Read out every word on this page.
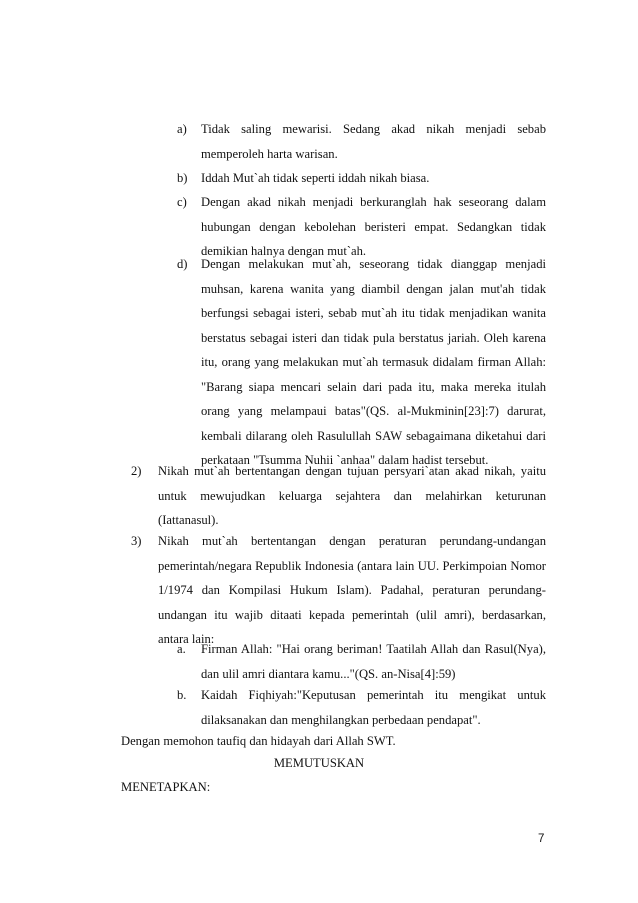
a) Tidak saling mewarisi. Sedang akad nikah menjadi sebab memperoleh harta warisan.

b) Iddah Mut`ah tidak seperti iddah nikah biasa.

c) Dengan akad nikah menjadi berkuranglah hak seseorang dalam hubungan dengan kebolehan beristeri empat. Sedangkan tidak demikian halnya dengan mut`ah.

d) Dengan melakukan mut`ah, seseorang tidak dianggap menjadi muhsan, karena wanita yang diambil dengan jalan mut'ah tidak berfungsi sebagai isteri, sebab mut`ah itu tidak menjadikan wanita berstatus sebagai isteri dan tidak pula berstatus jariah. Oleh karena itu, orang yang melakukan mut`ah termasuk didalam firman Allah: "Barang siapa mencari selain dari pada itu, maka mereka itulah orang yang melampaui batas"(QS. al-Mukminin[23]:7) darurat, kembali dilarang oleh Rasulullah SAW sebagaimana diketahui dari perkataan "Tsumma Nuhii `anhaa" dalam hadist tersebut.

2) Nikah mut`ah bertentangan dengan tujuan persyari`atan akad nikah, yaitu untuk mewujudkan keluarga sejahtera dan melahirkan keturunan (Iattanasul).

3) Nikah mut`ah bertentangan dengan peraturan perundang-undangan pemerintah/negara Republik Indonesia (antara lain UU. Perkimpoian Nomor 1/1974 dan Kompilasi Hukum Islam). Padahal, peraturan perundang-undangan itu wajib ditaati kepada pemerintah (ulil amri), berdasarkan, antara lain:

a. Firman Allah: "Hai orang beriman! Taatilah Allah dan Rasul(Nya), dan ulil amri diantara kamu..."(QS. an-Nisa[4]:59)

b. Kaidah Fiqhiyah:"Keputusan pemerintah itu mengikat untuk dilaksanakan dan menghilangkan perbedaan pendapat".

Dengan memohon taufiq dan hidayah dari Allah SWT.

MEMUTUSKAN

MENETAPKAN:

7
